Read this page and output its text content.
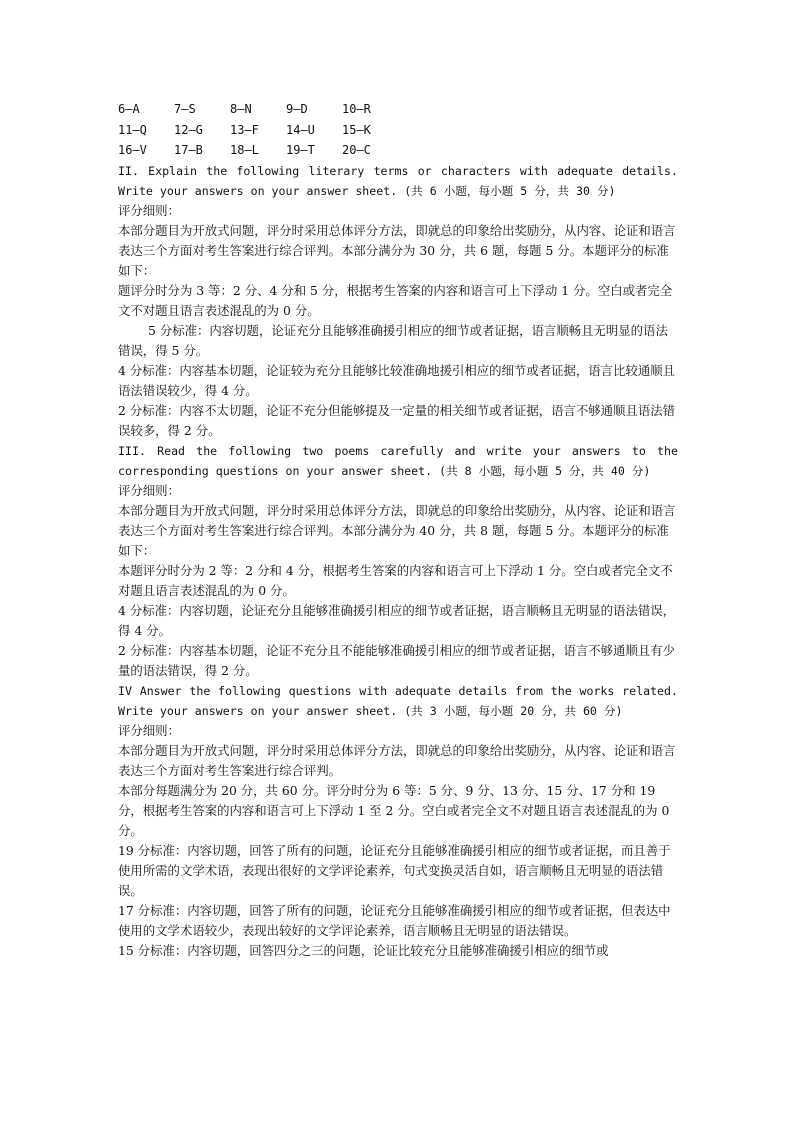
6—A	7—S	8—N	9—D	10—R
11—Q	12—G	13—F	14—U	15—K
16—V	17—B	18—L	19—T	20—C

II. Explain the following literary terms or characters with adequate details. Write your answers on your answer sheet. (共 6 小题，每小题 5 分，共 30 分)

评分细则：

本部分题目为开放式问题，评分时采用总体评分方法，即就总的印象给出奖励分，从内容、论证和语言表达三个方面对考生答案进行综合评判。本部分满分为 30 分，共 6 题，每题 5 分。本题评分的标准如下：

题评分时分为 3 等：2 分、4 分和 5 分，根据考生答案的内容和语言可上下浮动 1 分。空白或者完全文不对题且语言表述混乱的为 0 分。

5 分标准：内容切题，论证充分且能够准确援引相应的细节或者证据，语言顺畅且无明显的语法错误，得 5 分。

4 分标准：内容基本切题，论证较为充分且能够比较准确地援引相应的细节或者证据，语言比较通顺且语法错误较少，得 4 分。

2 分标准：内容不太切题，论证不充分但能够提及一定量的相关细节或者证据，语言不够通顺且语法错误较多，得 2 分。

III. Read the following two poems carefully and write your answers to the corresponding questions on your answer sheet. (共 8 小题，每小题 5 分，共 40 分)

评分细则：

本部分题目为开放式问题，评分时采用总体评分方法，即就总的印象给出奖励分，从内容、论证和语言表达三个方面对考生答案进行综合评判。本部分满分为 40 分，共 8 题，每题 5 分。本题评分的标准如下：

本题评分时分为 2 等：2 分和 4 分，根据考生答案的内容和语言可上下浮动 1 分。空白或者完全文不对题且语言表述混乱的为 0 分。

4 分标准：内容切题，论证充分且能够准确援引相应的细节或者证据，语言顺畅且无明显的语法错误，得 4 分。

2 分标准：内容基本切题，论证不充分且不能能够准确援引相应的细节或者证据，语言不够通顺且有少量的语法错误，得 2 分。

IV Answer the following questions with adequate details from the works related. Write your answers on your answer sheet. (共 3 小题，每小题 20 分，共 60 分)

评分细则：

本部分题目为开放式问题，评分时采用总体评分方法，即就总的印象给出奖励分，从内容、论证和语言表达三个方面对考生答案进行综合评判。

本部分每题满分为 20 分，共 60 分。评分时分为 6 等：5 分、9 分、13 分、15 分、17 分和 19 分，根据考生答案的内容和语言可上下浮动 1 至 2 分。空白或者完全文不对题且语言表述混乱的为 0 分。

19 分标准：内容切题，回答了所有的问题，论证充分且能够准确援引相应的细节或者证据，而且善于使用所需的文学术语，表现出很好的文学评论素养，句式变换灵活自如，语言顺畅且无明显的语法错误。

17 分标准：内容切题，回答了所有的问题，论证充分且能够准确援引相应的细节或者证据，但表达中使用的文学术语较少，表现出较好的文学评论素养，语言顺畅且无明显的语法错误。

15 分标准：内容切题，回答四分之三的问题，论证比较充分且能够准确援引相应的细节或
